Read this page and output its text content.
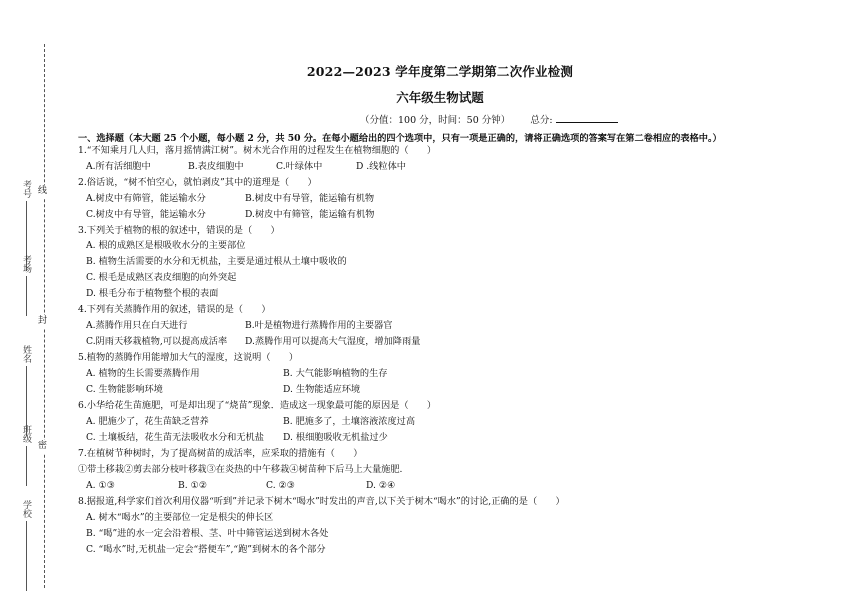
线
封
密
考号
考场
姓名
班级
学校
2022—2023 学年度第二学期第二次作业检测
六年级生物试题
（分值：100 分，时间：50 分钟） 总分:
一、选择题（本大题 25 个小题，每小题 2 分，共 50 分。在每小题给出的四个选项中，只有一项是正确的，请将正确选项的答案写在第二卷相应的表格中。）
1.“不知乘月几人归，落月摇情满江树”。树木光合作用的过程发生在植物细胞的（　　）
A.所有活细胞中	B.表皮细胞中	C.叶绿体中	D .线粒体中
2.俗话说，“树不怕空心，就怕剥皮”其中的道理是（　　）
A.树皮中有筛管，能运输水分	B.树皮中有导管，能运输有机物
C.树皮中有导管，能运输水分	D.树皮中有筛管，能运输有机物
3.下列关于植物的根的叙述中，错误的是（　　）
A. 根的成熟区是根吸收水分的主要部位
B. 植物生活需要的水分和无机盐，主要是通过根从土壤中吸收的
C. 根毛是成熟区表皮细胞的向外突起
D. 根毛分布于植物整个根的表面
4.下列有关蒸腾作用的叙述，错误的是（　　）
A.蒸腾作用只在白天进行	B.叶是植物进行蒸腾作用的主要器官
C.阴雨天移栽植物,可以提高成活率 D.蒸腾作用可以提高大气湿度，增加降雨量
5.植物的蒸腾作用能增加大气的湿度，这说明（　　）
A. 植物的生长需要蒸腾作用	B. 大气能影响植物的生存
C. 生物能影响环境	D. 生物能适应环境
6.小华给花生苗施肥，可是却出现了“烧苗”现象．造成这一现象最可能的原因是（　　）
A. 肥施少了，花生苗缺乏营养	B. 肥施多了，土壤溶液浓度过高
C. 土壤板结，花生苗无法吸收水分和无机盐 D. 根细胞吸收无机盐过少
7.在植树节种树时，为了提高树苗的成活率，应采取的措施有（　　）
①带土移栽②剪去部分枝叶移栽③在炎热的中午移栽④树苗种下后马上大量施肥.
A. ①③	B. ①②	C. ②③	D. ②④
8.据报道,科学家们首次利用仪器“听到”并记录下树木“喝水”时发出的声音,以下关于树木“喝水”的讨论,正确的是（　　）
A. 树木“喝水”的主要部位一定是根尖的伸长区
B. “喝”进的水一定会沿着根、茎、叶中筛管运送到树木各处
C. “喝水”时,无机盐一定会“搭便车”,“跑”到树木的各个部分
